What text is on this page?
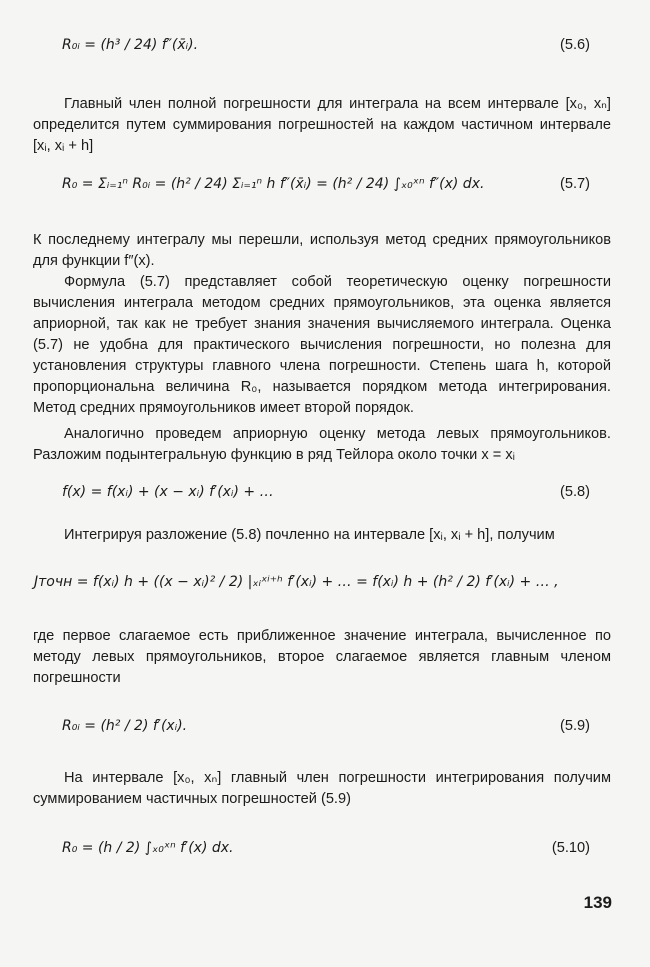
R₀ᵢ = (h³ / 24) f″(x̄ᵢ).	(5.6)
Главный член полной погрешности для интеграла на всем интервале [x₀, xₙ] определится путем суммирования погрешностей на каждом частичном интервале [xᵢ, xᵢ + h]
R₀ = Σᵢ₌₁ⁿ R₀ᵢ = (h² / 24) Σᵢ₌₁ⁿ h f″(x̄ᵢ) = (h² / 24) ∫ₓ₀ˣⁿ f″(x) dx.	(5.7)
К последнему интегралу мы перешли, используя метод средних прямоугольников для функции f″(x).
Формула (5.7) представляет собой теоретическую оценку погрешности вычисления интеграла методом средних прямоугольников, эта оценка является априорной, так как не требует знания значения вычисляемого интеграла. Оценка (5.7) не удобна для практического вычисления погрешности, но полезна для установления структуры главного члена погрешности. Степень шага h, которой пропорциональна величина R₀, называется порядком метода интегрирования. Метод средних прямоугольников имеет второй порядок.
Аналогично проведем априорную оценку метода левых прямоугольников. Разложим подынтегральную функцию в ряд Тейлора около точки x = xᵢ
f(x) = f(xᵢ) + (x − xᵢ) f′(xᵢ) + …	(5.8)
Интегрируя разложение (5.8) почленно на интервале [xᵢ, xᵢ + h], получим
Jточн = f(xᵢ) h + ((x − xᵢ)² / 2) |ₓᵢˣⁱ⁺ʰ f′(xᵢ) + … = f(xᵢ) h + (h² / 2) f′(xᵢ) + … ,
где первое слагаемое есть приближенное значение интеграла, вычисленное по методу левых прямоугольников, второе слагаемое является главным членом погрешности
R₀ᵢ = (h² / 2) f′(xᵢ).	(5.9)
На интервале [x₀, xₙ] главный член погрешности интегрирования получим суммированием частичных погрешностей (5.9)
R₀ = (h / 2) ∫ₓ₀ˣⁿ f′(x) dx.	(5.10)
139
